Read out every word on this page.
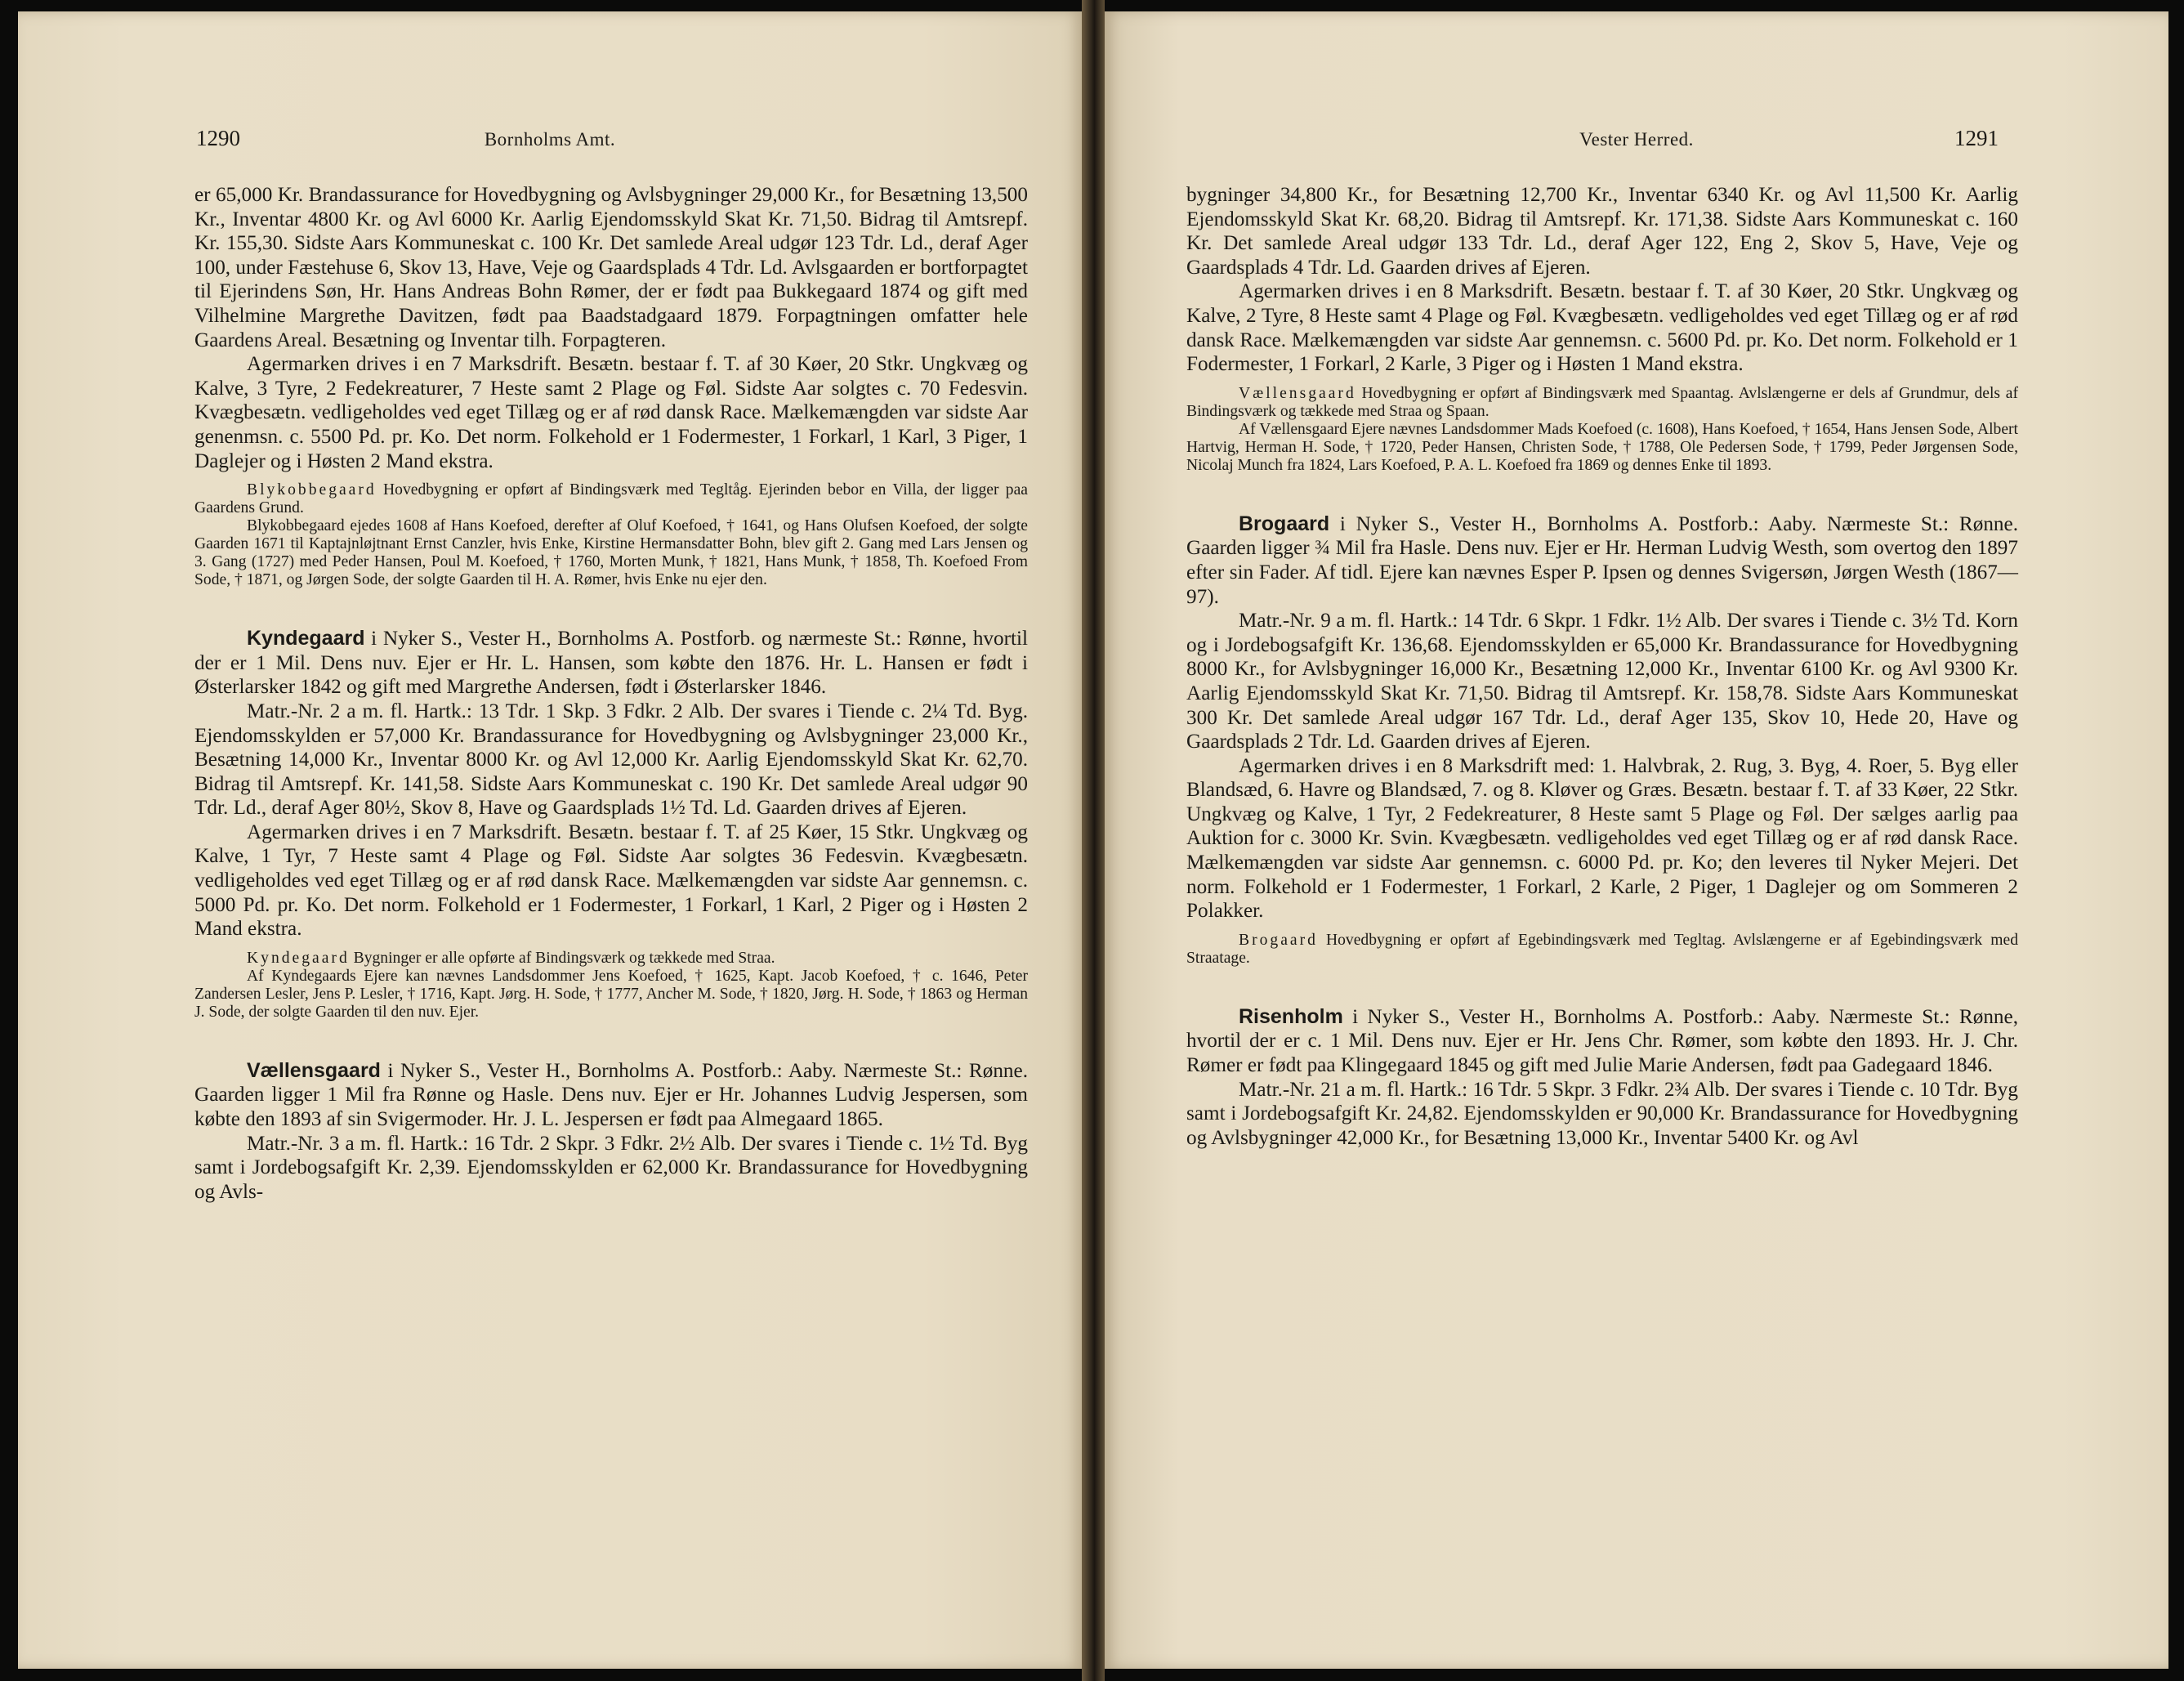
1290	Bornholms Amt.

er 65,000 Kr. Brandassurance for Hovedbygning og Avlsbygninger 29,000 Kr., for Besætning 13,500 Kr., Inventar 4800 Kr. og Avl 6000 Kr. Aarlig Ejendomsskyld Skat Kr. 71,50. Bidrag til Amtsrepf. Kr. 155,30. Sidste Aars Kommuneskat c. 100 Kr. Det samlede Areal udgør 123 Tdr. Ld., deraf Ager 100, under Fæstehuse 6, Skov 13, Have, Veje og Gaardsplads 4 Tdr. Ld. Avlsgaarden er bortforpagtet til Ejerindens Søn, Hr. Hans Andreas Bohn Rømer, der er født paa Bukkegaard 1874 og gift med Vilhelmine Margrethe Davitzen, født paa Baadstadgaard 1879. Forpagtningen omfatter hele Gaardens Areal. Besætning og Inventar tilh. Forpagteren.

Agermarken drives i en 7 Marksdrift. Besætn. bestaar f. T. af 30 Køer, 20 Stkr. Ungkvæg og Kalve, 3 Tyre, 2 Fedekreaturer, 7 Heste samt 2 Plage og Føl. Sidste Aar solgtes c. 70 Fedesvin. Kvægbesætn. vedligeholdes ved eget Tillæg og er af rød dansk Race. Mælkemængden var sidste Aar genenmsn. c. 5500 Pd. pr. Ko. Det norm. Folkehold er 1 Fodermester, 1 Forkarl, 1 Karl, 3 Piger, 1 Daglejer og i Høsten 2 Mand ekstra.

Blykobbegaard Hovedbygning er opført af Bindingsværk med Tegltåg. Ejerinden bebor en Villa, der ligger paa Gaardens Grund.

Blykobbegaard ejedes 1608 af Hans Koefoed, derefter af Oluf Koefoed, † 1641, og Hans Olufsen Koefoed, der solgte Gaarden 1671 til Kaptajnløjtnant Ernst Canzler, hvis Enke, Kirstine Hermansdatter Bohn, blev gift 2. Gang med Lars Jensen og 3. Gang (1727) med Peder Hansen, Poul M. Koefoed, † 1760, Morten Munk, † 1821, Hans Munk, † 1858, Th. Koefoed From Sode, † 1871, og Jørgen Sode, der solgte Gaarden til H. A. Rømer, hvis Enke nu ejer den.

Kyndegaard i Nyker S., Vester H., Bornholms A. Postforb. og nærmeste St.: Rønne, hvortil der er 1 Mil. Dens nuv. Ejer er Hr. L. Hansen, som købte den 1876. Hr. L. Hansen er født i Østerlarsker 1842 og gift med Margrethe Andersen, født i Østerlarsker 1846.

Matr.-Nr. 2 a m. fl. Hartk.: 13 Tdr. 1 Skp. 3 Fdkr. 2 Alb. Der svares i Tiende c. 2¼ Td. Byg. Ejendomsskylden er 57,000 Kr. Brandassurance for Hovedbygning og Avlsbygninger 23,000 Kr., Besætning 14,000 Kr., Inventar 8000 Kr. og Avl 12,000 Kr. Aarlig Ejendomsskyld Skat Kr. 62,70. Bidrag til Amtsrepf. Kr. 141,58. Sidste Aars Kommuneskat c. 190 Kr. Det samlede Areal udgør 90 Tdr. Ld., deraf Ager 80½, Skov 8, Have og Gaardsplads 1½ Td. Ld. Gaarden drives af Ejeren.

Agermarken drives i en 7 Marksdrift. Besætn. bestaar f. T. af 25 Køer, 15 Stkr. Ungkvæg og Kalve, 1 Tyr, 7 Heste samt 4 Plage og Føl. Sidste Aar solgtes 36 Fedesvin. Kvægbesætn. vedligeholdes ved eget Tillæg og er af rød dansk Race. Mælkemængden var sidste Aar gennemsn. c. 5000 Pd. pr. Ko. Det norm. Folkehold er 1 Fodermester, 1 Forkarl, 1 Karl, 2 Piger og i Høsten 2 Mand ekstra.

Kyndegaard Bygninger er alle opførte af Bindingsværk og tækkede med Straa.

Af Kyndegaards Ejere kan nævnes Landsdommer Jens Koefoed, † 1625, Kapt. Jacob Koefoed, † c. 1646, Peter Zandersen Lesler, Jens P. Lesler, † 1716, Kapt. Jørg. H. Sode, † 1777, Ancher M. Sode, † 1820, Jørg. H. Sode, † 1863 og Herman J. Sode, der solgte Gaarden til den nuv. Ejer.

Vællensgaard i Nyker S., Vester H., Bornholms A. Postforb.: Aaby. Nærmeste St.: Rønne. Gaarden ligger 1 Mil fra Rønne og Hasle. Dens nuv. Ejer er Hr. Johannes Ludvig Jespersen, som købte den 1893 af sin Svigermoder. Hr. J. L. Jespersen er født paa Almegaard 1865.

Matr.-Nr. 3 a m. fl. Hartk.: 16 Tdr. 2 Skpr. 3 Fdkr. 2½ Alb. Der svares i Tiende c. 1½ Td. Byg samt i Jordebogsafgift Kr. 2,39. Ejendomsskylden er 62,000 Kr. Brandassurance for Hovedbygning og Avls-

Vester Herred.	1291

bygninger 34,800 Kr., for Besætning 12,700 Kr., Inventar 6340 Kr. og Avl 11,500 Kr. Aarlig Ejendomsskyld Skat Kr. 68,20. Bidrag til Amtsrepf. Kr. 171,38. Sidste Aars Kommuneskat c. 160 Kr. Det samlede Areal udgør 133 Tdr. Ld., deraf Ager 122, Eng 2, Skov 5, Have, Veje og Gaardsplads 4 Tdr. Ld. Gaarden drives af Ejeren.

Agermarken drives i en 8 Marksdrift. Besætn. bestaar f. T. af 30 Køer, 20 Stkr. Ungkvæg og Kalve, 2 Tyre, 8 Heste samt 4 Plage og Føl. Kvægbesætn. vedligeholdes ved eget Tillæg og er af rød dansk Race. Mælkemængden var sidste Aar gennemsn. c. 5600 Pd. pr. Ko. Det norm. Folkehold er 1 Fodermester, 1 Forkarl, 2 Karle, 3 Piger og i Høsten 1 Mand ekstra.

Vællensgaard Hovedbygning er opført af Bindingsværk med Spaantag. Avlslængerne er dels af Grundmur, dels af Bindingsværk og tækkede med Straa og Spaan.

Af Vællensgaard Ejere nævnes Landsdommer Mads Koefoed (c. 1608), Hans Koefoed, † 1654, Hans Jensen Sode, Albert Hartvig, Herman H. Sode, † 1720, Peder Hansen, Christen Sode, † 1788, Ole Pedersen Sode, † 1799, Peder Jørgensen Sode, Nicolaj Munch fra 1824, Lars Koefoed, P. A. L. Koefoed fra 1869 og dennes Enke til 1893.

Brogaard i Nyker S., Vester H., Bornholms A. Postforb.: Aaby. Nærmeste St.: Rønne. Gaarden ligger ¾ Mil fra Hasle. Dens nuv. Ejer er Hr. Herman Ludvig Westh, som overtog den 1897 efter sin Fader. Af tidl. Ejere kan nævnes Esper P. Ipsen og dennes Svigersøn, Jørgen Westh (1867—97).

Matr.-Nr. 9 a m. fl. Hartk.: 14 Tdr. 6 Skpr. 1 Fdkr. 1½ Alb. Der svares i Tiende c. 3½ Td. Korn og i Jordebogsafgift Kr. 136,68. Ejendomsskylden er 65,000 Kr. Brandassurance for Hovedbygning 8000 Kr., for Avlsbygninger 16,000 Kr., Besætning 12,000 Kr., Inventar 6100 Kr. og Avl 9300 Kr. Aarlig Ejendomsskyld Skat Kr. 71,50. Bidrag til Amtsrepf. Kr. 158,78. Sidste Aars Kommuneskat 300 Kr. Det samlede Areal udgør 167 Tdr. Ld., deraf Ager 135, Skov 10, Hede 20, Have og Gaardsplads 2 Tdr. Ld. Gaarden drives af Ejeren.

Agermarken drives i en 8 Marksdrift med: 1. Halvbrak, 2. Rug, 3. Byg, 4. Roer, 5. Byg eller Blandsæd, 6. Havre og Blandsæd, 7. og 8. Kløver og Græs. Besætn. bestaar f. T. af 33 Køer, 22 Stkr. Ungkvæg og Kalve, 1 Tyr, 2 Fedekreaturer, 8 Heste samt 5 Plage og Føl. Der sælges aarlig paa Auktion for c. 3000 Kr. Svin. Kvægbesætn. vedligeholdes ved eget Tillæg og er af rød dansk Race. Mælkemængden var sidste Aar gennemsn. c. 6000 Pd. pr. Ko; den leveres til Nyker Mejeri. Det norm. Folkehold er 1 Fodermester, 1 Forkarl, 2 Karle, 2 Piger, 1 Daglejer og om Sommeren 2 Polakker.

Brogaard Hovedbygning er opført af Egebindingsværk med Tegltag. Avlslængerne er af Egebindingsværk med Straatage.

Risenholm i Nyker S., Vester H., Bornholms A. Postforb.: Aaby. Nærmeste St.: Rønne, hvortil der er c. 1 Mil. Dens nuv. Ejer er Hr. Jens Chr. Rømer, som købte den 1893. Hr. J. Chr. Rømer er født paa Klingegaard 1845 og gift med Julie Marie Andersen, født paa Gadegaard 1846.

Matr.-Nr. 21 a m. fl. Hartk.: 16 Tdr. 5 Skpr. 3 Fdkr. 2¾ Alb. Der svares i Tiende c. 10 Tdr. Byg samt i Jordebogsafgift Kr. 24,82. Ejendomsskylden er 90,000 Kr. Brandassurance for Hovedbygning og Avlsbygninger 42,000 Kr., for Besætning 13,000 Kr., Inventar 5400 Kr. og Avl
